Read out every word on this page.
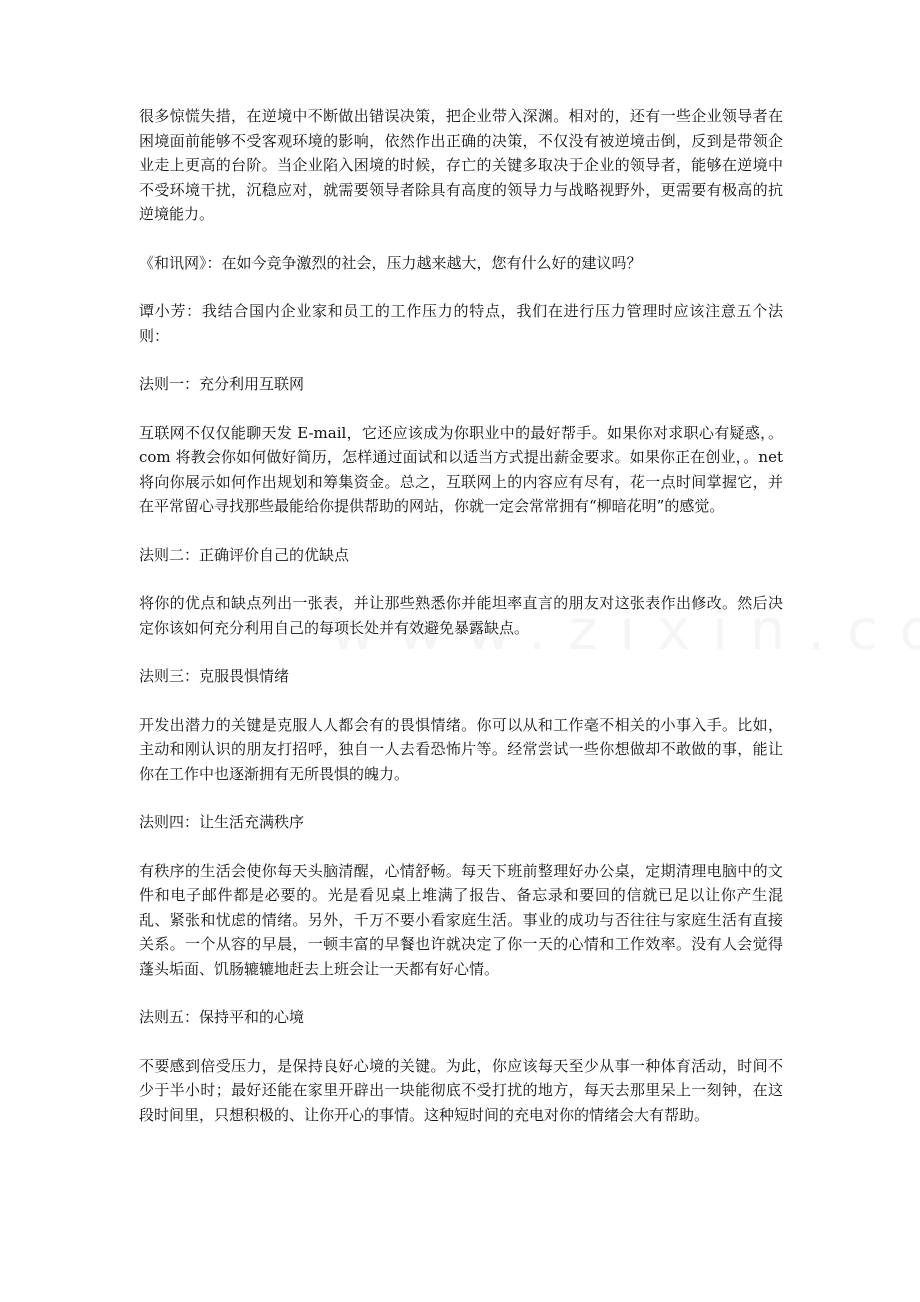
很多惊慌失措，在逆境中不断做出错误决策，把企业带入深渊。相对的，还有一些企业领导者在困境面前能够不受客观环境的影响，依然作出正确的决策，不仅没有被逆境击倒，反到是带领企业走上更高的台阶。当企业陷入困境的时候，存亡的关键多取决于企业的领导者，能够在逆境中不受环境干扰，沉稳应对，就需要领导者除具有高度的领导力与战略视野外，更需要有极高的抗逆境能力。

《和讯网》：在如今竞争激烈的社会，压力越来越大，您有什么好的建议吗？

谭小芳：我结合国内企业家和员工的工作压力的特点，我们在进行压力管理时应该注意五个法则：

法则一：充分利用互联网

互联网不仅仅能聊天发 E-mail，它还应该成为你职业中的最好帮手。如果你对求职心有疑惑，。com 将教会你如何做好简历，怎样通过面试和以适当方式提出薪金要求。如果你正在创业，。net 将向你展示如何作出规划和筹集资金。总之，互联网上的内容应有尽有，花一点时间掌握它，并在平常留心寻找那些最能给你提供帮助的网站，你就一定会常常拥有“柳暗花明”的感觉。

法则二：正确评价自己的优缺点

将你的优点和缺点列出一张表，并让那些熟悉你并能坦率直言的朋友对这张表作出修改。然后决定你该如何充分利用自己的每项长处并有效避免暴露缺点。

法则三：克服畏惧情绪

开发出潜力的关键是克服人人都会有的畏惧情绪。你可以从和工作毫不相关的小事入手。比如，主动和刚认识的朋友打招呼，独自一人去看恐怖片等。经常尝试一些你想做却不敢做的事，能让你在工作中也逐渐拥有无所畏惧的魄力。

法则四：让生活充满秩序

有秩序的生活会使你每天头脑清醒，心情舒畅。每天下班前整理好办公桌，定期清理电脑中的文件和电子邮件都是必要的。光是看见桌上堆满了报告、备忘录和要回的信就已足以让你产生混乱、紧张和忧虑的情绪。另外，千万不要小看家庭生活。事业的成功与否往往与家庭生活有直接关系。一个从容的早晨，一顿丰富的早餐也许就决定了你一天的心情和工作效率。没有人会觉得蓬头垢面、饥肠辘辘地赶去上班会让一天都有好心情。

法则五：保持平和的心境

不要感到倍受压力，是保持良好心境的关键。为此，你应该每天至少从事一种体育活动，时间不少于半小时；最好还能在家里开辟出一块能彻底不受打扰的地方，每天去那里呆上一刻钟，在这段时间里，只想积极的、让你开心的事情。这种短时间的充电对你的情绪会大有帮助。
